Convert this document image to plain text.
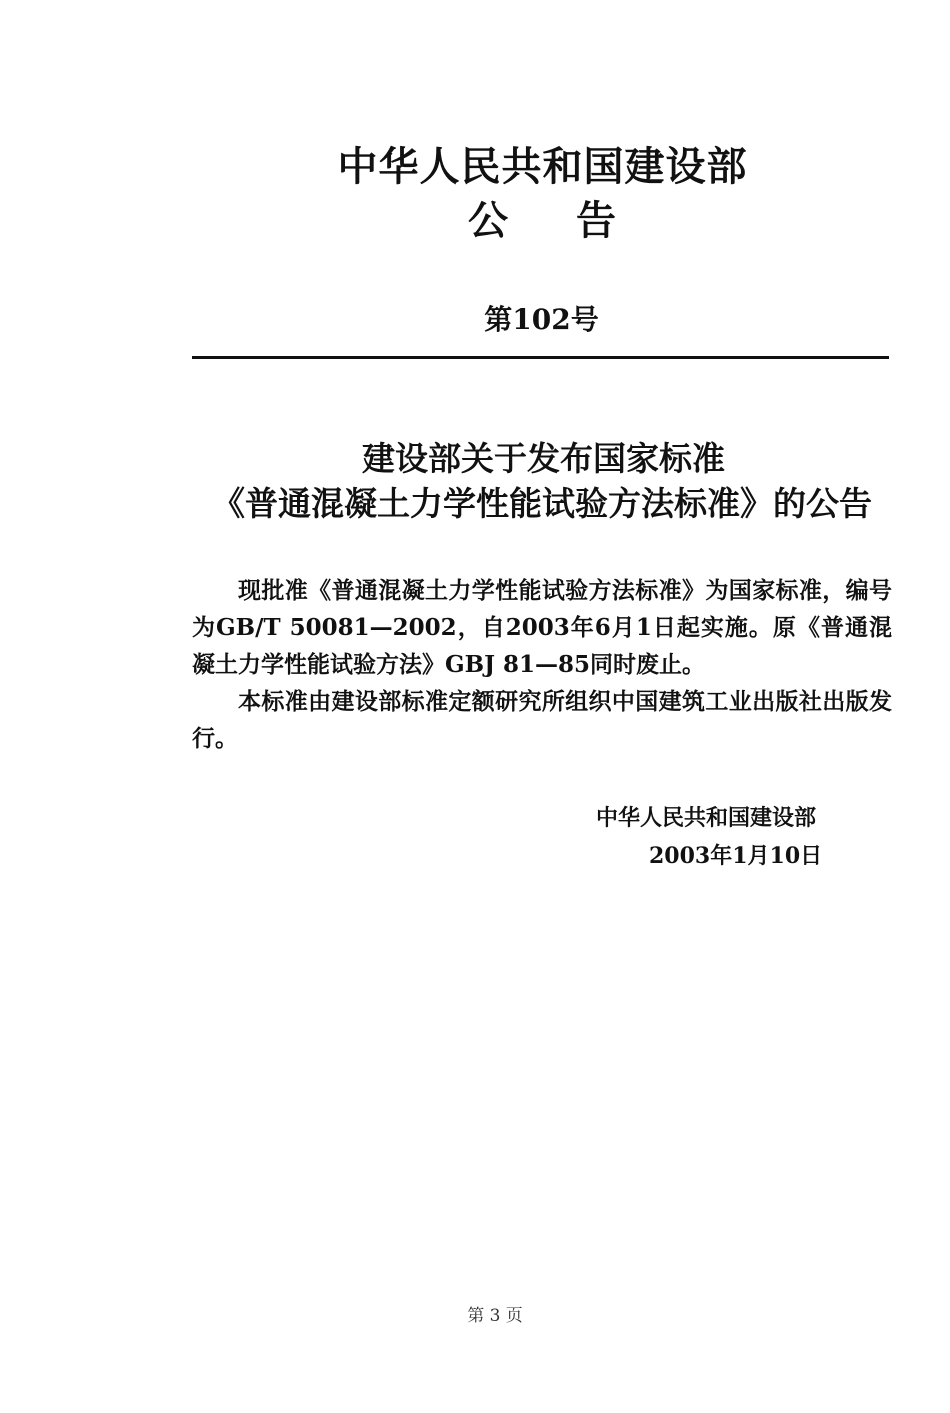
中华人民共和国建设部
公告
第102号
建设部关于发布国家标准
《普通混凝土力学性能试验方法标准》的公告

现批准《普通混凝土力学性能试验方法标准》为国家标准，编号为GB/T 50081—2002，自2003年6月1日起实施。原《普通混凝土力学性能试验方法》GBJ 81—85同时废止。

本标准由建设部标准定额研究所组织中国建筑工业出版社出版发行。

中华人民共和国建设部
2003年1月10日
第 3 页
